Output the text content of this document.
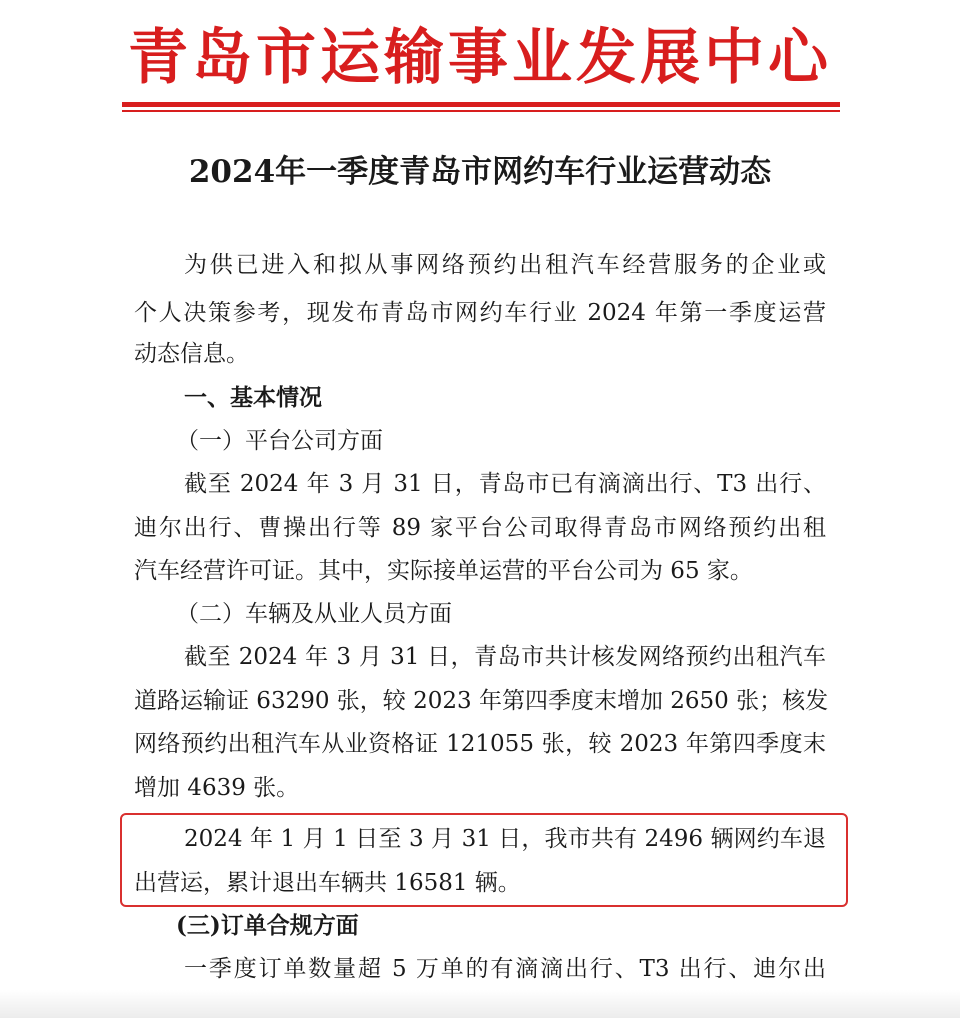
青岛市运输事业发展中心
2024年一季度青岛市网约车行业运营动态
为供已进入和拟从事网络预约出租汽车经营服务的企业或
个人决策参考，现发布青岛市网约车行业 2024 年第一季度运营
动态信息。
一、基本情况
（一）平台公司方面
截至 2024 年 3 月 31 日，青岛市已有滴滴出行、T3 出行、
迪尔出行、曹操出行等 89 家平台公司取得青岛市网络预约出租
汽车经营许可证。其中，实际接单运营的平台公司为 65 家。
（二）车辆及从业人员方面
截至 2024 年 3 月 31 日，青岛市共计核发网络预约出租汽车
道路运输证 63290 张，较 2023 年第四季度末增加 2650 张；核发
网络预约出租汽车从业资格证 121055 张，较 2023 年第四季度末
增加 4639 张。
2024 年 1 月 1 日至 3 月 31 日，我市共有 2496 辆网约车退
出营运，累计退出车辆共 16581 辆。
(三)订单合规方面
一季度订单数量超 5 万单的有滴滴出行、T3 出行、迪尔出
